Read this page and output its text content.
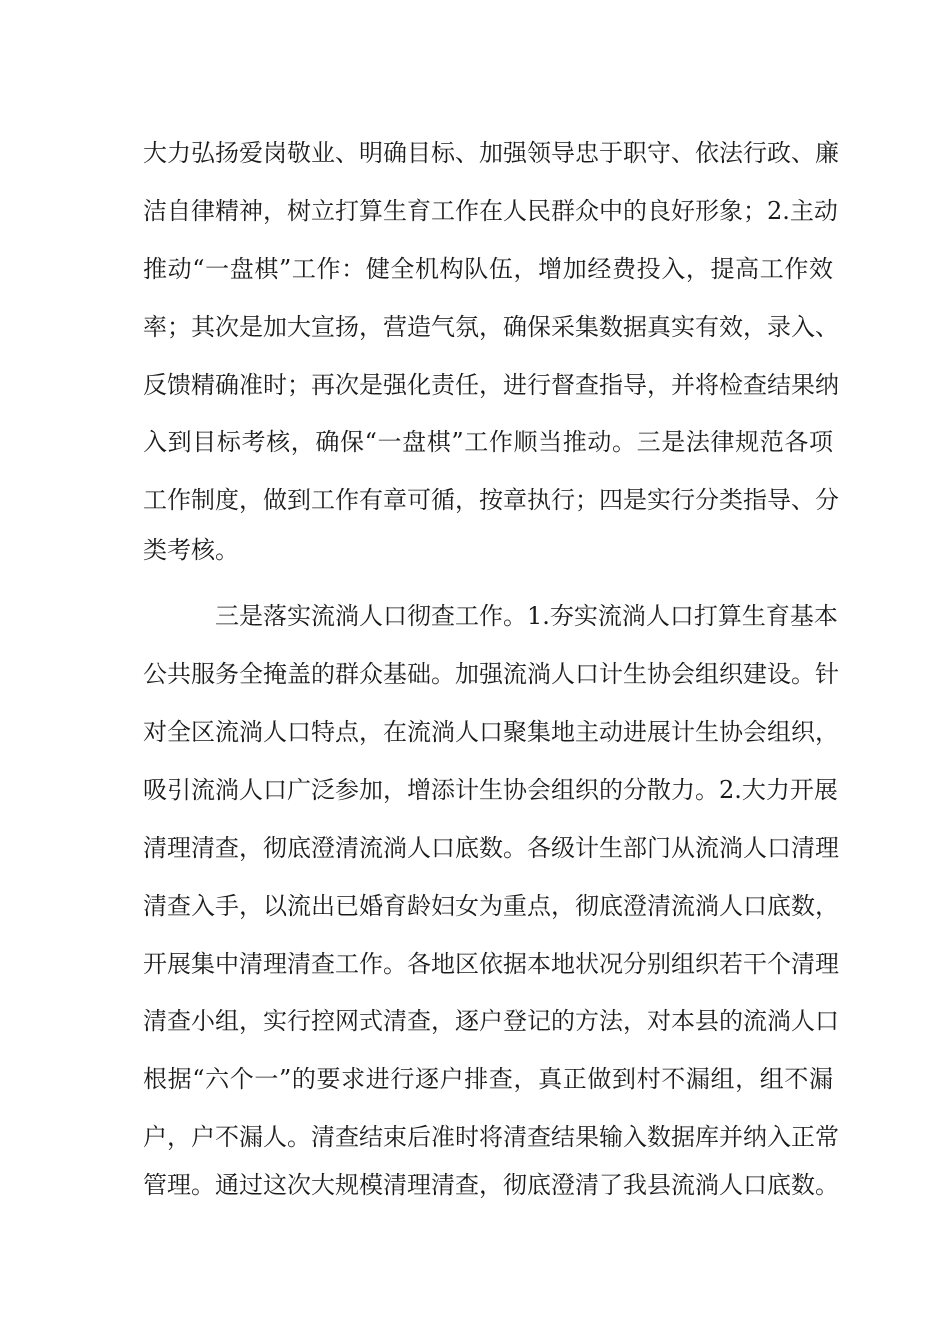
大力弘扬爱岗敬业、明确目标、加强领导忠于职守、依法行政、廉
洁自律精神，树立打算生育工作在人民群众中的良好形象；2.主动
推动“一盘棋”工作：健全机构队伍，增加经费投入，提高工作效
率；其次是加大宣扬，营造气氛，确保采集数据真实有效，录入、
反馈精确准时；再次是强化责任，进行督查指导，并将检查结果纳
入到目标考核，确保“一盘棋”工作顺当推动。三是法律规范各项
工作制度，做到工作有章可循，按章执行；四是实行分类指导、分
类考核。
三是落实流淌人口彻查工作。1.夯实流淌人口打算生育基本
公共服务全掩盖的群众基础。加强流淌人口计生协会组织建设。针
对全区流淌人口特点，在流淌人口聚集地主动进展计生协会组织，
吸引流淌人口广泛参加，增添计生协会组织的分散力。2.大力开展
清理清查，彻底澄清流淌人口底数。各级计生部门从流淌人口清理
清查入手，以流出已婚育龄妇女为重点，彻底澄清流淌人口底数，
开展集中清理清查工作。各地区依据本地状况分别组织若干个清理
清查小组，实行控网式清查，逐户登记的方法，对本县的流淌人口
根据“六个一”的要求进行逐户排查，真正做到村不漏组，组不漏
户，户不漏人。清查结束后准时将清查结果输入数据库并纳入正常
管理。通过这次大规模清理清查，彻底澄清了我县流淌人口底数。
